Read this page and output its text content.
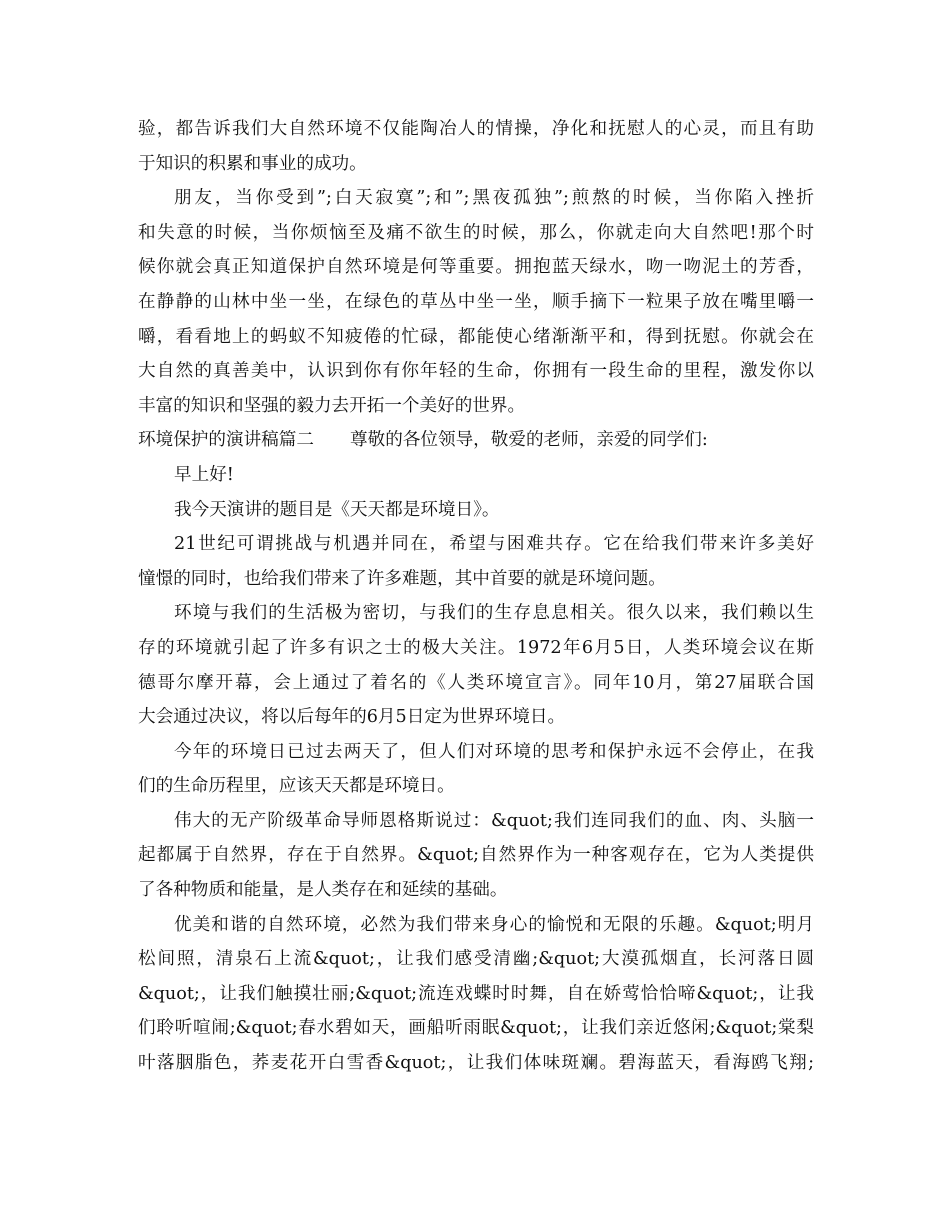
验，都告诉我们大自然环境不仅能陶冶人的情操，净化和抚慰人的心灵，而且有助
于知识的积累和事业的成功。
朋友，当你受到”;白天寂寞”;和”;黑夜孤独”;煎熬的时候，当你陷入挫折
和失意的时候，当你烦恼至及痛不欲生的时候，那么，你就走向大自然吧!那个时
候你就会真正知道保护自然环境是何等重要。拥抱蓝天绿水，吻一吻泥土的芳香，
在静静的山林中坐一坐，在绿色的草丛中坐一坐，顺手摘下一粒果子放在嘴里嚼一
嚼，看看地上的蚂蚁不知疲倦的忙碌，都能使心绪渐渐平和，得到抚慰。你就会在
大自然的真善美中，认识到你有你年轻的生命，你拥有一段生命的里程，激发你以
丰富的知识和坚强的毅力去开拓一个美好的世界。
环境保护的演讲稿篇二	尊敬的各位领导，敬爱的老师，亲爱的同学们:
早上好!
我今天演讲的题目是《天天都是环境日》。
21世纪可谓挑战与机遇并同在，希望与困难共存。它在给我们带来许多美好
憧憬的同时，也给我们带来了许多难题，其中首要的就是环境问题。
环境与我们的生活极为密切，与我们的生存息息相关。很久以来，我们赖以生
存的环境就引起了许多有识之士的极大关注。1972年6月5日，人类环境会议在斯
德哥尔摩开幕，会上通过了着名的《人类环境宣言》。同年10月，第27届联合国
大会通过决议，将以后每年的6月5日定为世界环境日。
今年的环境日已过去两天了，但人们对环境的思考和保护永远不会停止，在我
们的生命历程里，应该天天都是环境日。
伟大的无产阶级革命导师恩格斯说过：&quot;我们连同我们的血、肉、头脑一
起都属于自然界，存在于自然界。&quot;自然界作为一种客观存在，它为人类提供
了各种物质和能量，是人类存在和延续的基础。
优美和谐的自然环境，必然为我们带来身心的愉悦和无限的乐趣。&quot;明月
松间照，清泉石上流&quot;，让我们感受清幽;&quot;大漠孤烟直，长河落日圆
&quot;，让我们触摸壮丽;&quot;流连戏蝶时时舞，自在娇莺恰恰啼&quot;，让我
们聆听喧闹;&quot;春水碧如天，画船听雨眠&quot;，让我们亲近悠闲;&quot;棠梨
叶落胭脂色，荞麦花开白雪香&quot;，让我们体味斑斓。碧海蓝天，看海鸥飞翔;
